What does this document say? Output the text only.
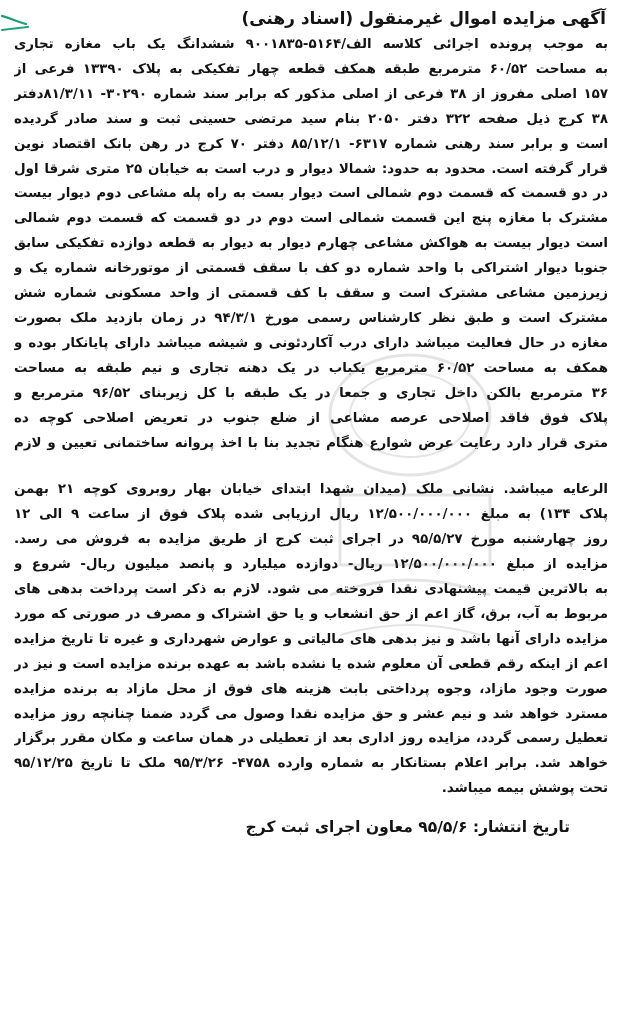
آگهی مزایده اموال غیرمنقول (اسناد رهنی)
به موجب پرونده اجرائی کلاسه الف/۵۱۶۴-۹۰۰۱۸۳۵ ششدانگ یک باب مغازه تجاری
به مساحت ۶۰/۵۲ مترمربع طبقه همکف قطعه چهار تفکیکی به پلاک ۱۳۳۹۰ فرعی از
۱۵۷ اصلی مفروز از ۳۸ فرعی از اصلی مذکور که برابر سند شماره ۳۰۲۹۰- ۸۱/۳/۱۱دفتر
۳۸ کرج ذیل صفحه ۳۲۲ دفتر ۲۰۵۰ بنام سید مرتضی حسینی ثبت و سند صادر گردیده
است و برابر سند رهنی شماره ۶۳۱۷- ۸۵/۱۲/۱ دفتر ۷۰ کرج در رهن بانک اقتصاد نوین
قرار گرفته است. محدود به حدود: شمالا دیوار و درب است به خیابان ۲۵ متری شرقا اول
در دو قسمت که قسمت دوم شمالی است دیوار بست به راه پله مشاعی دوم دیوار بیست
مشترک با مغازه پنج این قسمت شمالی است دوم در دو قسمت که قسمت دوم شمالی
است دیوار بیست به هواکش مشاعی چهارم دیوار به دیوار به قطعه دوازده تفکیکی سابق
جنوبا دیوار اشتراکی با واحد شماره دو کف با سقف قسمتی از موتورخانه شماره یک و
زیرزمین مشاعی مشترک است و سقف با کف قسمتی از واحد مسکونی شماره شش
مشترک است و طبق نظر کارشناس رسمی مورخ ۹۴/۳/۱ در زمان بازدید ملک بصورت
مغازه در حال فعالیت میباشد دارای درب آکاردئونی و شیشه میباشد دارای پایانکار بوده و
همکف به مساحت ۶۰/۵۲ مترمربع یکباب در یک دهنه تجاری و نیم طبقه به مساحت
۳۶ مترمربع بالکن داخل تجاری و جمعا در یک طبقه با کل زیربنای ۹۶/۵۲ مترمربع و
پلاک فوق فاقد اصلاحی عرصه مشاعی از ضلع جنوب در تعریض اصلاحی کوچه ده
متری قرار دارد رعایت عرض شوارع هنگام تجدید بنا با اخذ پروانه ساختمانی تعیین و لازم
الرعایه میباشد. نشانی ملک (میدان شهدا ابتدای خیابان بهار روبروی کوچه ۲۱ بهمن
پلاک ۱۳۴) به مبلغ ۱۲/۵۰۰/۰۰۰/۰۰۰ ریال ارزیابی شده پلاک فوق از ساعت ۹ الی ۱۲
روز چهارشنبه مورخ ۹۵/۵/۲۷ در اجرای ثبت کرج از طریق مزایده به فروش می رسد.
مزایده از مبلغ ۱۲/۵۰۰/۰۰۰/۰۰۰ ریال- دوازده میلیارد و پانصد میلیون ریال- شروع و
به بالاترین قیمت پیشنهادی نقدا فروخته می شود. لازم به ذکر است پرداخت بدهی های
مربوط به آب، برق، گاز اعم از حق انشعاب و یا حق اشتراک و مصرف در صورتی که مورد
مزایده دارای آنها باشد و نیز بدهی های مالیاتی و عوارض شهرداری و غیره تا تاریخ مزایده
اعم از اینکه رقم قطعی آن معلوم شده یا نشده باشد به عهده برنده مزایده است و نیز در
صورت وجود مازاد، وجوه پرداختی بابت هزینه های فوق از محل مازاد به برنده مزایده
مسترد خواهد شد و نیم عشر و حق مزایده نقدا وصول می گردد ضمنا چنانچه روز مزایده
تعطیل رسمی گردد، مزایده روز اداری بعد از تعطیلی در همان ساعت و مکان مقرر برگزار
خواهد شد. برابر اعلام بستانکار به شماره وارده ۴۷۵۸- ۹۵/۳/۲۶ ملک تا تاریخ ۹۵/۱۲/۲۵
تحت پوشش بیمه میباشد.
تاریخ انتشار: ۹۵/۵/۶ معاون اجرای ثبت کرج
